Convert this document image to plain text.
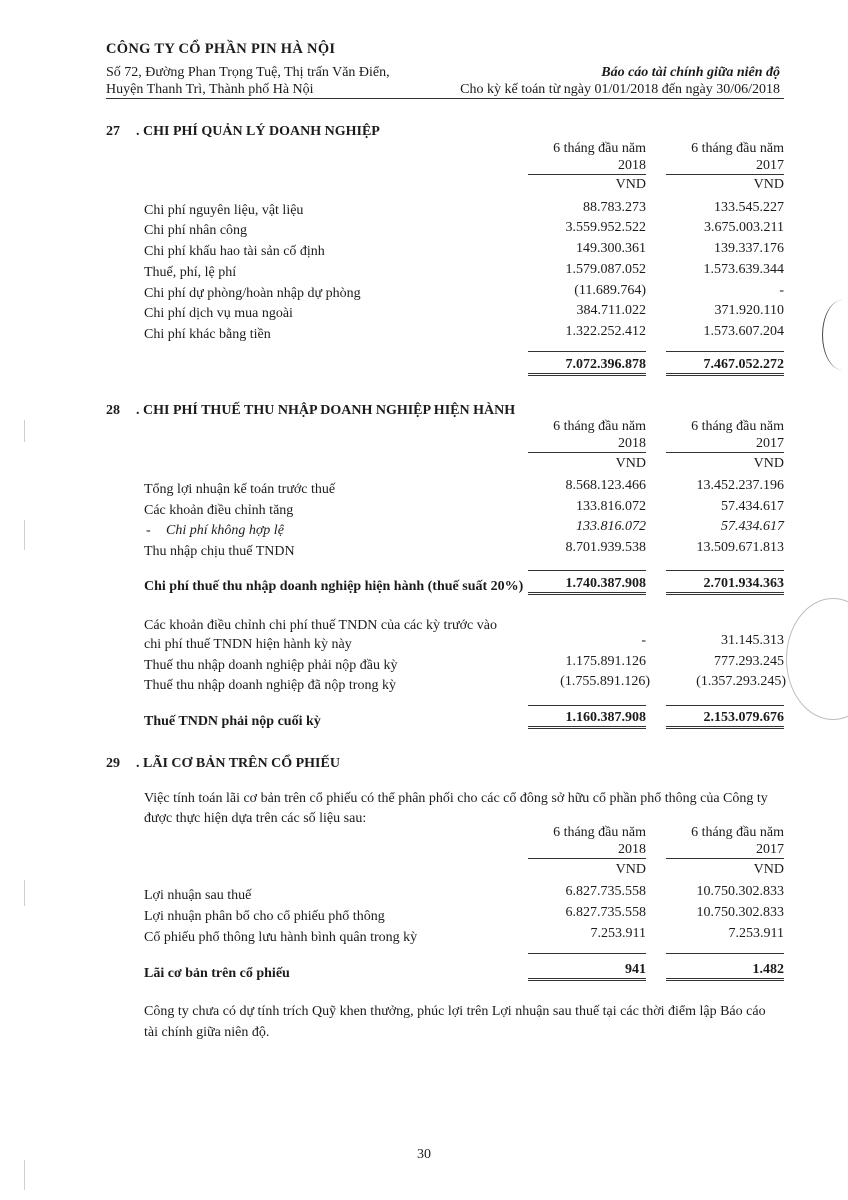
CÔNG TY CỔ PHẦN PIN HÀ NỘI
Số 72, Đường Phan Trọng Tuệ, Thị trấn Văn Điển,	Báo cáo tài chính giữa niên độ
Huyện Thanh Trì, Thành phố Hà Nội	Cho kỳ kế toán từ ngày 01/01/2018 đến ngày 30/06/2018
27 . CHI PHÍ QUẢN LÝ DOANH NGHIỆP
6 tháng đầu năm	6 tháng đầu năm
2018	2017
VND	VND
Chi phí nguyên liệu, vật liệu	88.783.273	133.545.227
Chi phí nhân công	3.559.952.522	3.675.003.211
Chi phí khấu hao tài sản cố định	149.300.361	139.337.176
Thuế, phí, lệ phí	1.579.087.052	1.573.639.344
Chi phí dự phòng/hoàn nhập dự phòng	(11.689.764)	-
Chi phí dịch vụ mua ngoài	384.711.022	371.920.110
Chi phí khác bằng tiền	1.322.252.412	1.573.607.204
7.072.396.878	7.467.052.272
28 . CHI PHÍ THUẾ THU NHẬP DOANH NGHIỆP HIỆN HÀNH
6 tháng đầu năm	6 tháng đầu năm
2018	2017
VND	VND
Tổng lợi nhuận kế toán trước thuế	8.568.123.466	13.452.237.196
Các khoản điều chỉnh tăng	133.816.072	57.434.617
- Chi phí không hợp lệ	133.816.072	57.434.617
Thu nhập chịu thuế TNDN	8.701.939.538	13.509.671.813
Chi phí thuế thu nhập doanh nghiệp hiện hành (thuế suất 20%)	1.740.387.908	2.701.934.363
Các khoản điều chỉnh chi phí thuế TNDN của các kỳ trước vào
chi phí thuế TNDN hiện hành kỳ này	-	31.145.313
Thuế thu nhập doanh nghiệp phải nộp đầu kỳ	1.175.891.126	777.293.245
Thuế thu nhập doanh nghiệp đã nộp trong kỳ	(1.755.891.126)	(1.357.293.245)
Thuế TNDN phải nộp cuối kỳ	1.160.387.908	2.153.079.676
29 . LÃI CƠ BẢN TRÊN CỔ PHIẾU
Việc tính toán lãi cơ bản trên cổ phiếu có thể phân phối cho các cổ đông sở hữu cổ phần phổ thông của Công ty
được thực hiện dựa trên các số liệu sau:
6 tháng đầu năm	6 tháng đầu năm
2018	2017
VND	VND
Lợi nhuận sau thuế	6.827.735.558	10.750.302.833
Lợi nhuận phân bổ cho cổ phiếu phổ thông	6.827.735.558	10.750.302.833
Cổ phiếu phổ thông lưu hành bình quân trong kỳ	7.253.911	7.253.911
Lãi cơ bản trên cổ phiếu	941	1.482
Công ty chưa có dự tính trích Quỹ khen thưởng, phúc lợi trên Lợi nhuận sau thuế tại các thời điểm lập Báo cáo
tài chính giữa niên độ.
30
